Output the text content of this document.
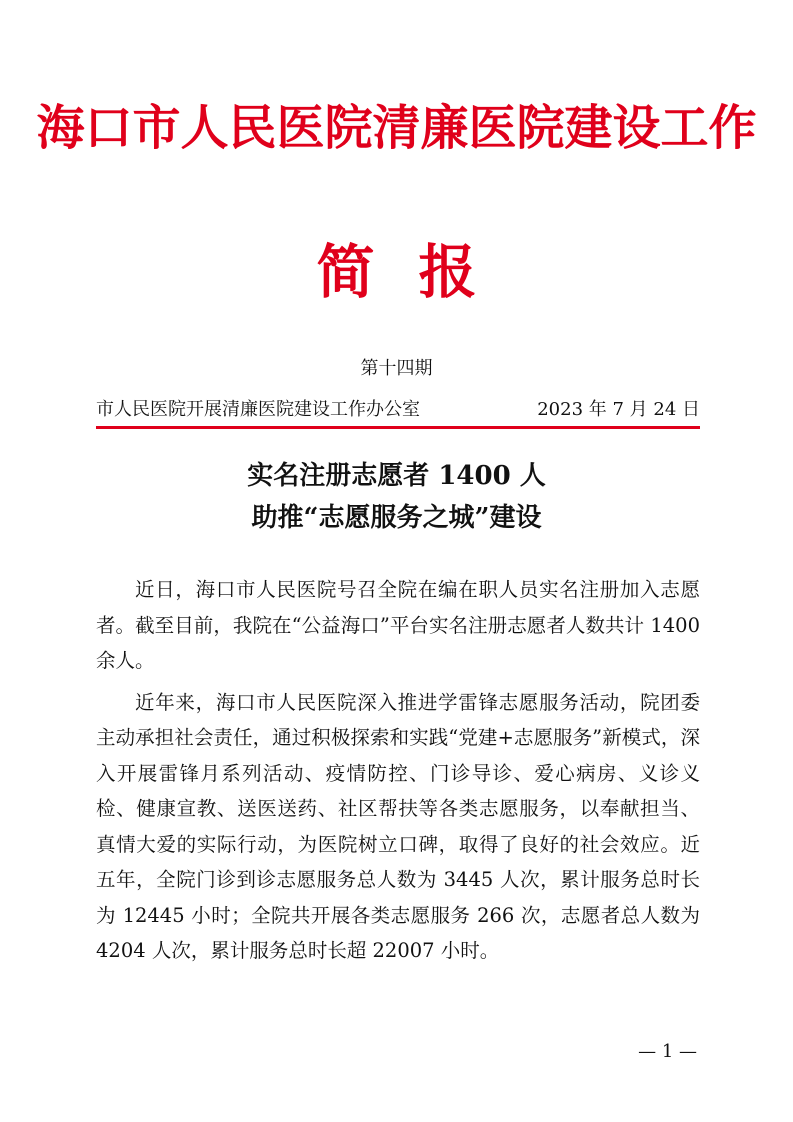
海口市人民医院清廉医院建设工作
简 报
第十四期
市人民医院开展清廉医院建设工作办公室	2023 年 7 月 24 日
实名注册志愿者 1400 人
助推“志愿服务之城”建设

近日，海口市人民医院号召全院在编在职人员实名注册加入志愿者。截至目前，我院在“公益海口”平台实名注册志愿者人数共计 1400 余人。

近年来，海口市人民医院深入推进学雷锋志愿服务活动，院团委主动承担社会责任，通过积极探索和实践“党建+志愿服务”新模式，深入开展雷锋月系列活动、疫情防控、门诊导诊、爱心病房、义诊义检、健康宣教、送医送药、社区帮扶等各类志愿服务，以奉献担当、真情大爱的实际行动，为医院树立口碑，取得了良好的社会效应。近五年，全院门诊到诊志愿服务总人数为 3445 人次，累计服务总时长为 12445 小时；全院共开展各类志愿服务 266 次，志愿者总人数为 4204 人次，累计服务总时长超 22007 小时。

— 1 —
